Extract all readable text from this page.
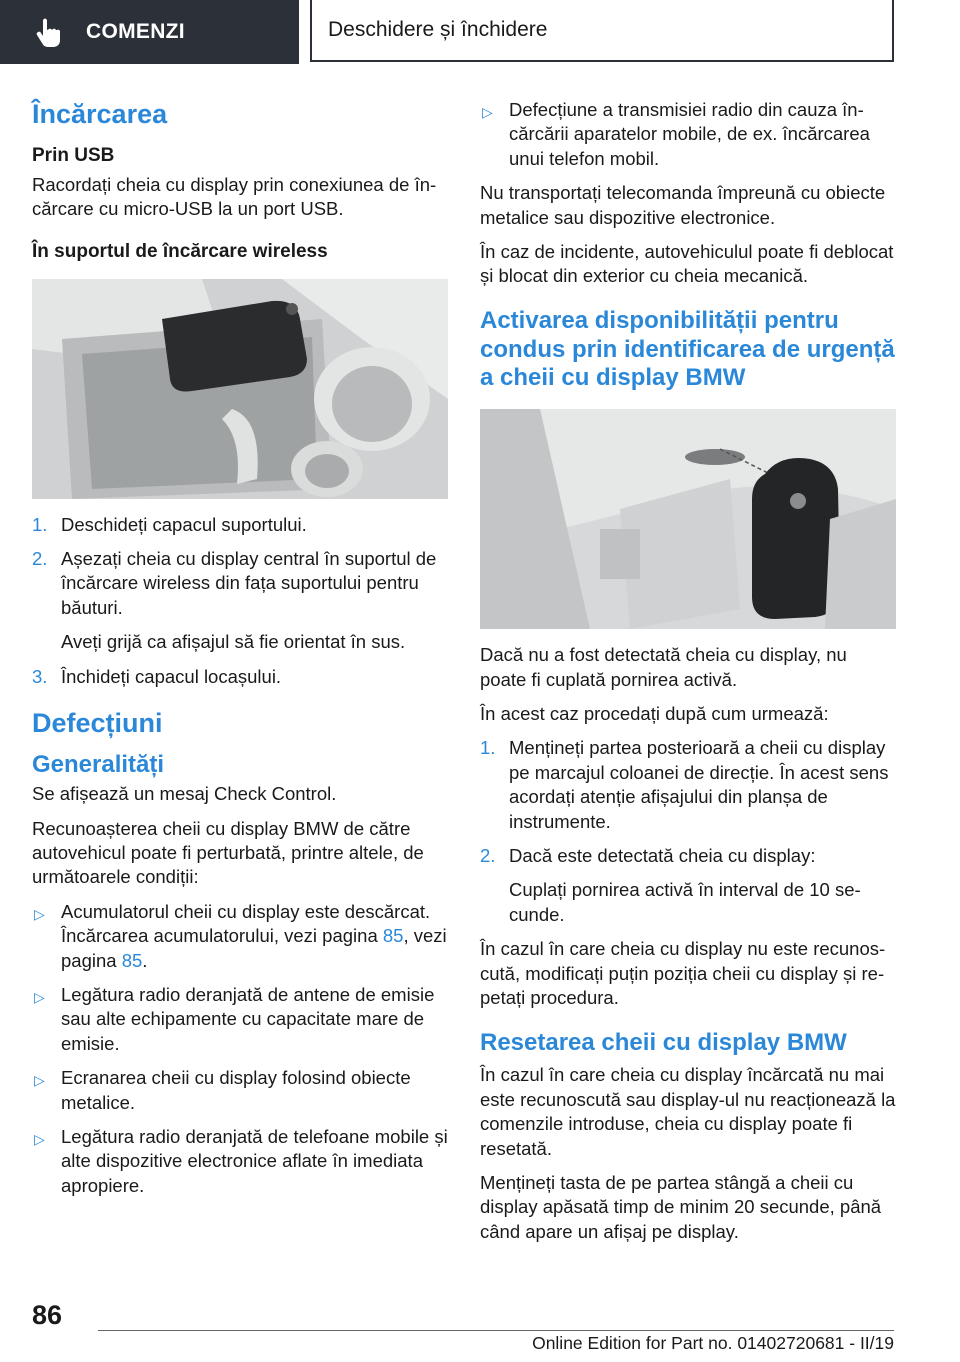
COMENZI	Deschidere și închidere
Încărcarea
Prin USB

Racordați cheia cu display prin conexiunea de încărcare cu micro-USB la un port USB.

În suportul de încărcare wireless
1. Deschideți capacul suportului.
2. Așezați cheia cu display central în suportul de încărcare wireless din fața suportului pentru băuturi.
Aveți grijă ca afișajul să fie orientat în sus.
3. Închideți capacul locașului.
Defecțiuni
Generalități

Se afișează un mesaj Check Control.

Recunoașterea cheii cu display BMW de către autovehicul poate fi perturbată, printre altele, de următoarele condiții:

▷ Acumulatorul cheii cu display este descărcat. Încărcarea acumulatorului, vezi pagina 85, vezi pagina 85.
▷ Legătura radio deranjată de antene de emisie sau alte echipamente cu capacitate mare de emisie.
▷ Ecranarea cheii cu display folosind obiecte metalice.
▷ Legătura radio deranjată de telefoane mobile și alte dispozitive electronice aflate în imediata apropiere.
▷ Defecțiune a transmisiei radio din cauza încărcării aparatelor mobile, de ex. încărcarea unui telefon mobil.

Nu transportați telecomanda împreună cu obiecte metalice sau dispozitive electronice.

În caz de incidente, autovehiculul poate fi deblocat și blocat din exterior cu cheia mecanică.

Activarea disponibilității pentru condus prin identificarea de urgență a cheii cu display BMW

Dacă nu a fost detectată cheia cu display, nu poate fi cuplată pornirea activă.

În acest caz procedați după cum urmează:

1. Mențineți partea posterioară a cheii cu display pe marcajul coloanei de direcție. În acest sens acordați atenție afișajului din planșa de instrumente.
2. Dacă este detectată cheia cu display:
Cuplați pornirea activă în interval de 10 secunde.

În cazul în care cheia cu display nu este recunoscută, modificați puțin poziția cheii cu display și repetați procedura.

Resetarea cheii cu display BMW

În cazul în care cheia cu display încărcată nu mai este recunoscută sau display-ul nu reacționează la comenzile introduse, cheia cu display poate fi resetată.

Mențineți tasta de pe partea stângă a cheii cu display apăsată timp de minim 20 secunde, până când apare un afișaj pe display.

86
Online Edition for Part no. 01402720681 - II/19
